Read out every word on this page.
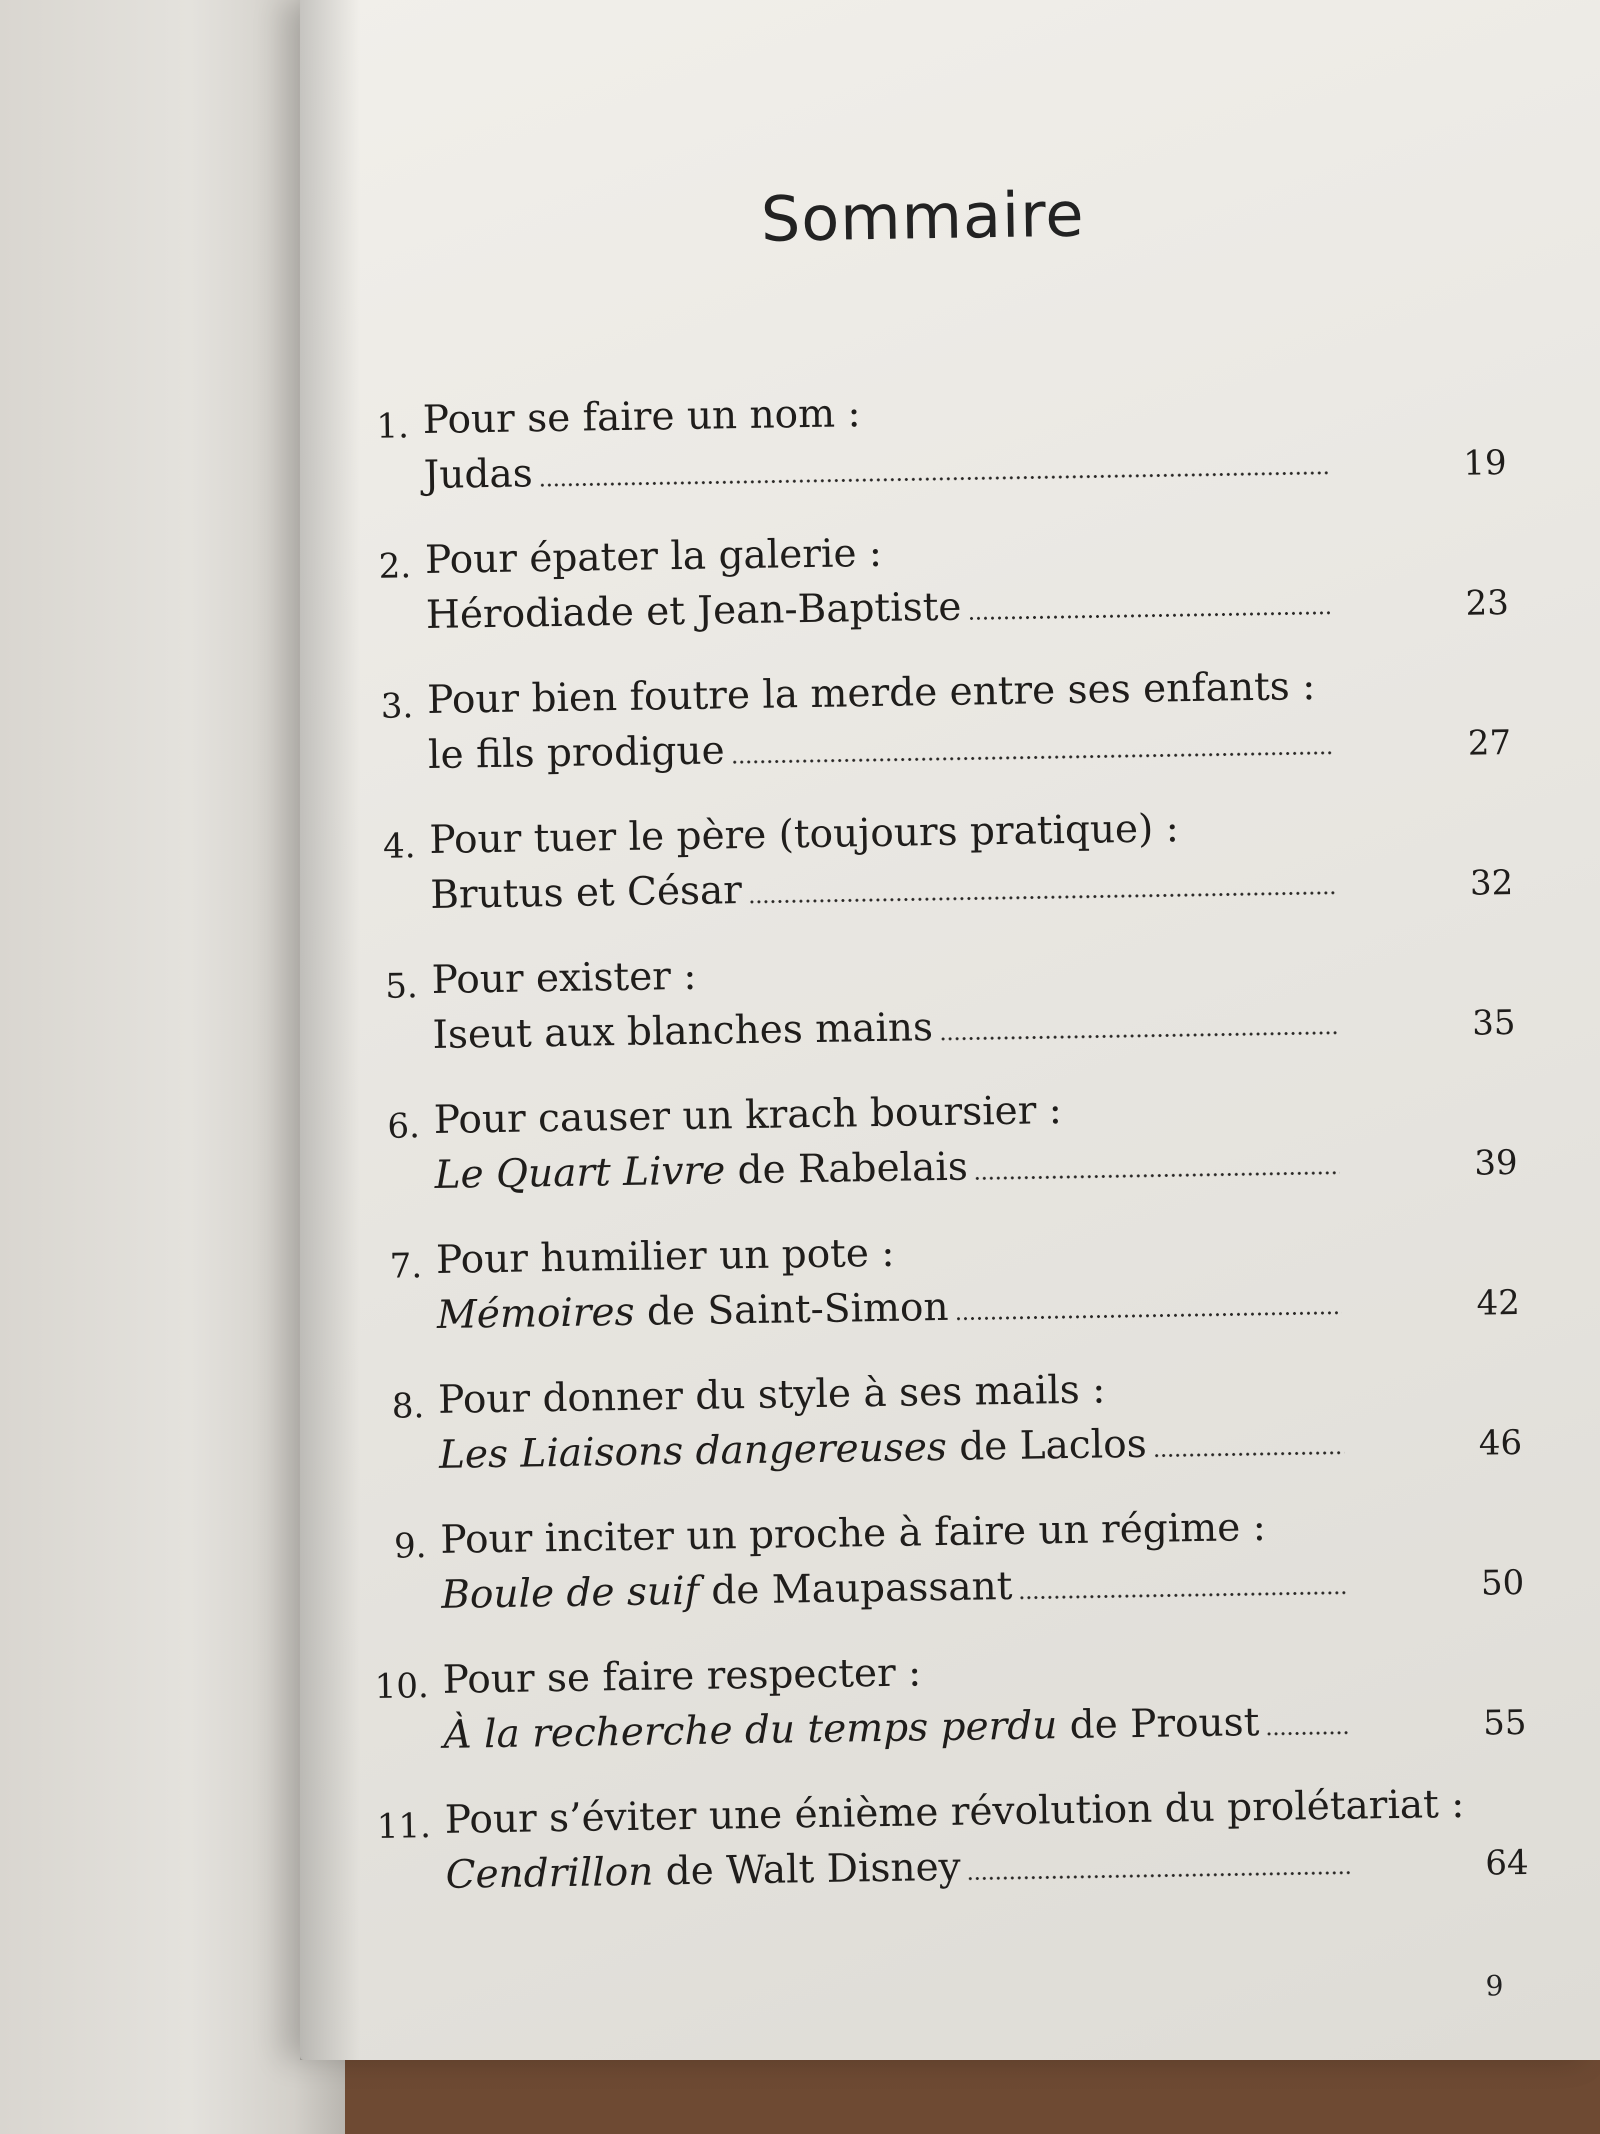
Sommaire
1. Pour se faire un nom :
Judas	19
2. Pour épater la galerie :
Hérodiade et Jean-Baptiste	23
3. Pour bien foutre la merde entre ses enfants :
le fils prodigue	27
4. Pour tuer le père (toujours pratique) :
Brutus et César	32
5. Pour exister :
Iseut aux blanches mains	35
6. Pour causer un krach boursier :
Le Quart Livre de Rabelais	39
7. Pour humilier un pote :
Mémoires de Saint-Simon	42
8. Pour donner du style à ses mails :
Les Liaisons dangereuses de Laclos	46
9. Pour inciter un proche à faire un régime :
Boule de suif de Maupassant	50
10. Pour se faire respecter :
À la recherche du temps perdu de Proust	55
11. Pour s’éviter une énième révolution du prolétariat :
Cendrillon de Walt Disney	64
9
